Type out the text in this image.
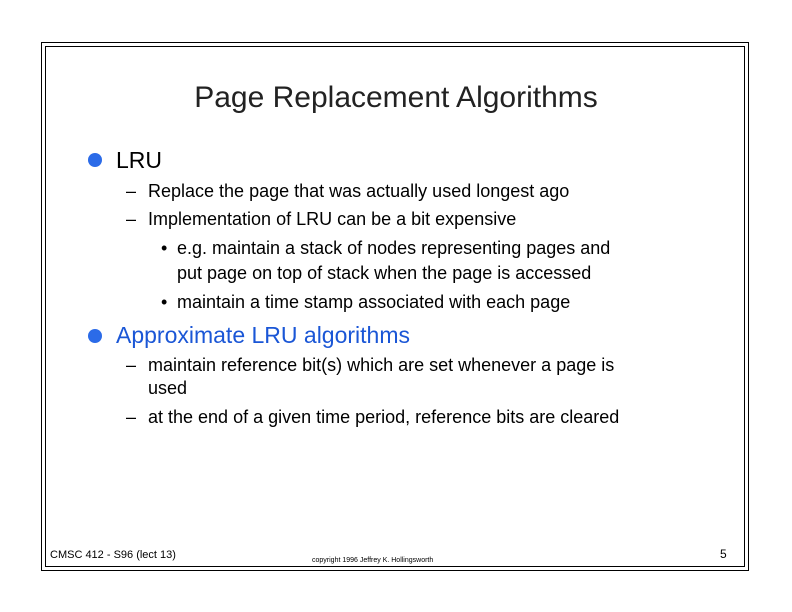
Page Replacement Algorithms
LRU
– Replace the page that was actually used longest ago
– Implementation of LRU can be a bit expensive
• e.g. maintain a stack of nodes representing pages and
put page on top of stack when the page is accessed
• maintain a time stamp associated with each page
Approximate LRU algorithms
– maintain reference bit(s) which are set whenever a page is
used
– at the end of a given time period, reference bits are cleared
CMSC 412 - S96 (lect 13)	copyright 1996 Jeffrey K. Hollingsworth	5
